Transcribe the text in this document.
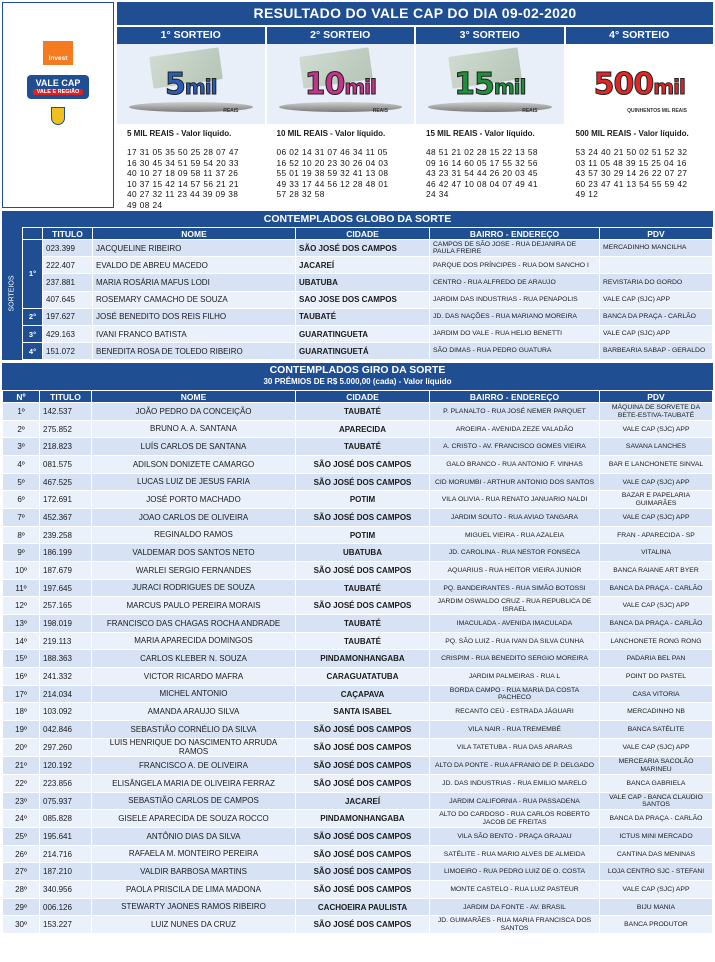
Invest
VALE CAP
VALE E REGIÃO
RESULTADO DO VALE CAP DO DIA 09-02-2020
1° SORTEIO
5mil
REAIS
5 MIL REAIS - Valor líquido.
17 31 05 35 50 25 28 07 47
16 30 45 34 51 59 54 20 33
40 10 27 18 09 58 11 37 26
10 37 15 42 14 57 56 21 21
40 27 32 11 23 44 39 09 38
49 08 24
2° SORTEIO
10mil
REAIS
10 MIL REAIS - Valor líquido.
06 02 14 31 07 46 34 11 05
16 52 10 20 23 30 26 04 03
55 01 19 38 59 32 41 13 08
49 33 17 44 56 12 28 48 01
57 28 32 58
3° SORTEIO
15mil
REAIS
15 MIL REAIS - Valor líquido.
48 51 21 02 28 15 22 13 58
09 16 14 60 05 17 55 32 56
43 23 31 54 44 26 20 03 45
46 42 47 10 08 04 07 49 41
24 34
4° SORTEIO
500mil
QUINHENTOS MIL REAIS
500 MIL REAIS - Valor líquido.
53 24 40 21 50 02 51 52 32
03 11 05 48 39 15 25 04 16
43 57 30 29 14 26 22 07 27
60 23 47 41 13 54 55 59 42
49 12
CONTEMPLADOS GLOBO DA SORTE
SORTEIOS
	TITULO	NOME	CIDADE	BAIRRO - ENDEREÇO	PDV
1°	023.399	JACQUELINE RIBEIRO	SÃO JOSÉ DOS CAMPOS	CAMPOS DE SÃO JOSE - RUA DEJANIRA DE PAULA FREIRE	MERCADINHO MANCILHA
	222.407	EVALDO DE ABREU MACEDO	JACAREÍ	PARQUE DOS PRÍNCIPES - RUA DOM SANCHO I	
	237.881	MARIA ROSÁRIA MAFUS LODI	UBATUBA	CENTRO - RUA ALFREDO DE ARAUJO	REVISTARIA DO GORDO
	407.645	ROSEMARY CAMACHO DE SOUZA	SAO JOSE DOS CAMPOS	JARDIM DAS INDUSTRIAS - RUA PENAPOLIS	VALE CAP (SJC) APP
2°	197.627	JOSÉ BENEDITO DOS REIS FILHO	TAUBATÉ	JD. DAS NAÇÕES - RUA MARIANO MOREIRA	BANCA DA PRAÇA - CARLÃO
3°	429.163	IVANI FRANCO BATISTA	GUARATINGUETA	JARDIM DO VALE - RUA HELIO BENETTI	VALE CAP (SJC) APP
4°	151.072	BENEDITA ROSA DE TOLEDO RIBEIRO	GUARATINGUETÁ	SÃO DIMAS - RUA PEDRO GUATURA	BARBEARIA SABAP - GERALDO
CONTEMPLADOS GIRO DA SORTE
30 PRÊMIOS DE R$ 5.000,00 (cada) - Valor líquido
Nº	TITULO	NOME	CIDADE	BAIRRO - ENDEREÇO	PDV
1º	142.537	JOÃO PEDRO DA CONCEIÇÃO	TAUBATÉ	P. PLANALTO - RUA JOSÉ NEMER PARQUET	MÁQUINA DE SORVETE DA BETE-ESTIVA-TAUBATÉ
2º	275.852	BRUNO A. A. SANTANA	APARECIDA	AROEIRA - AVENIDA ZEZE VALADÃO	VALE CAP (SJC) APP
3º	218.823	LUÍS CARLOS DE SANTANA	TAUBATÉ	A. CRISTO - AV. FRANCISCO GOMES VIEIRA	SAVANA LANCHES
4º	081.575	ADILSON DONIZETE CAMARGO	SÃO JOSÉ DOS CAMPOS	GALO BRANCO - RUA ANTONIO F. VINHAS	BAR E LANCHONETE SINVAL
5º	467.525	LUCAS LUIZ DE JESUS FARIA	SÃO JOSÉ DOS CAMPOS	CID MORUMBI - ARTHUR ANTONIO DOS SANTOS	VALE CAP (SJC) APP
6º	172.691	JOSÉ PORTO MACHADO	POTIM	VILA OLIVIA - RUA RENATO JANUARIO NALDI	BAZAR E PAPELARIA GUIMARÃES
7º	452.367	JOAO CARLOS DE OLIVEIRA	SÃO JOSÉ DOS CAMPOS	JARDIM SOUTO - RUA AVIAO TANGARA	VALE CAP (SJC) APP
8º	239.258	REGINALDO RAMOS	POTIM	MIGUEL VIEIRA - RUA AZALEIA	FRAN - APARECIDA - SP
9º	186.199	VALDEMAR DOS SANTOS NETO	UBATUBA	JD. CAROLINA - RUA NESTOR FONSECA	VITALINA
10º	187.679	WARLEI SERGIO FERNANDES	SÃO JOSÉ DOS CAMPOS	AQUARIUS - RUA HEITOR VIEIRA JUNIOR	BANCA RAIANE ART BYER
11º	197.645	JURACI RODRIGUES DE SOUZA	TAUBATÉ	PQ. BANDEIRANTES - RUA SIMÃO BOTOSSI	BANCA DA PRAÇA - CARLÃO
12º	257.165	MARCUS PAULO PEREIRA MORAIS	SÃO JOSÉ DOS CAMPOS	JARDIM OSWALDO CRUZ - RUA REPUBLICA DE ISRAEL	VALE CAP (SJC) APP
13º	198.019	FRANCISCO DAS CHAGAS ROCHA ANDRADE	TAUBATÉ	IMACULADA - AVENIDA IMACULADA	BANCA DA PRAÇA - CARLÃO
14º	219.113	MARIA APARECIDA DOMINGOS	TAUBATÉ	PQ. SÃO LUIZ - RUA IVAN DA SILVA CUNHA	LANCHONETE RONG RONG
15º	188.363	CARLOS KLEBER N. SOUZA	PINDAMONHANGABA	CRISPIM - RUA BENEDITO SERGIO MOREIRA	PADARIA BEL PAN
16º	241.332	VICTOR RICARDO MAFRA	CARAGUATATUBA	JARDIM PALMEIRAS - RUA L	POINT DO PASTEL
17º	214.034	MICHEL ANTONIO	CAÇAPAVA	BORDA CAMPO - RUA MARIA DA COSTA PACHECO	CASA VITORIA
18º	103.092	AMANDA ARAUJO SILVA	SANTA ISABEL	RECANTO CEÚ - ESTRADA JÁGUARI	MERCADINHO NB
19º	042.846	SEBASTIÃO CORNÉLIO DA SILVA	SÃO JOSÉ DOS CAMPOS	VILA NAIR - RUA TREMEMBÉ	BANCA SATÉLITE
20º	297.260	LUIS HENRIQUE DO NASCIMENTO ARRUDA RAMOS	SÃO JOSÉ DOS CAMPOS	VILA TATETUBA - RUA DAS ARARAS	VALE CAP (SJC) APP
21º	120.192	FRANCISCO A. DE OLIVEIRA	SÃO JOSÉ DOS CAMPOS	ALTO DA PONTE - RUA AFRANIO DE P. DELGADO	MERCEARIA SACOLÃO MARINEU
22º	223.856	ELISÂNGELA MARIA DE OLIVEIRA FERRAZ	SÃO JOSÉ DOS CAMPOS	JD. DAS INDUSTRIAS - RUA EMILIO MARELO	BANCA GABRIELA
23º	075.937	SEBASTIÃO CARLOS DE CAMPOS	JACAREÍ	JARDIM CALIFORNIA - RUA PASSADENA	VALE CAP - BANCA CLAUDIO SANTOS
24º	085.828	GISELE APARECIDA DE SOUZA ROCCO	PINDAMONHANGABA	ALTO DO CARDOSO - RUA CARLOS ROBERTO JACOB DE FREITAS	BANCA DA PRAÇA - CARLÃO
25º	195.641	ANTÔNIO DIAS DA SILVA	SÃO JOSÉ DOS CAMPOS	VILA SÃO BENTO - PRAÇA GRAJAU	ICTUS MINI MERCADO
26º	214.716	RAFAELA M. MONTEIRO PEREIRA	SÃO JOSÉ DOS CAMPOS	SATÉLITE - RUA MARIO ALVES DE ALMEIDA	CANTINA DAS MENINAS
27º	187.210	VALDIR BARBOSA MARTINS	SÃO JOSÉ DOS CAMPOS	LIMOEIRO - RUA PEDRO LUIZ DE O. COSTA	LOJA CENTRO SJC - STEFANI
28º	340.956	PAOLA PRISCILA DE LIMA MADONA	SÃO JOSÉ DOS CAMPOS	MONTE CASTELO - RUA LUIZ PASTEUR	VALE CAP (SJC) APP
29º	006.126	STEWARTY JAONES RAMOS RIBEIRO	CACHOEIRA PAULISTA	JARDIM DA FONTE - AV. BRASIL	BIJU MANIA
30º	153.227	LUIZ NUNES DA CRUZ	SÃO JOSÉ DOS CAMPOS	JD. GUIMARÃES - RUA MARIA FRANCISCA DOS SANTOS	BANCA PRODUTOR
